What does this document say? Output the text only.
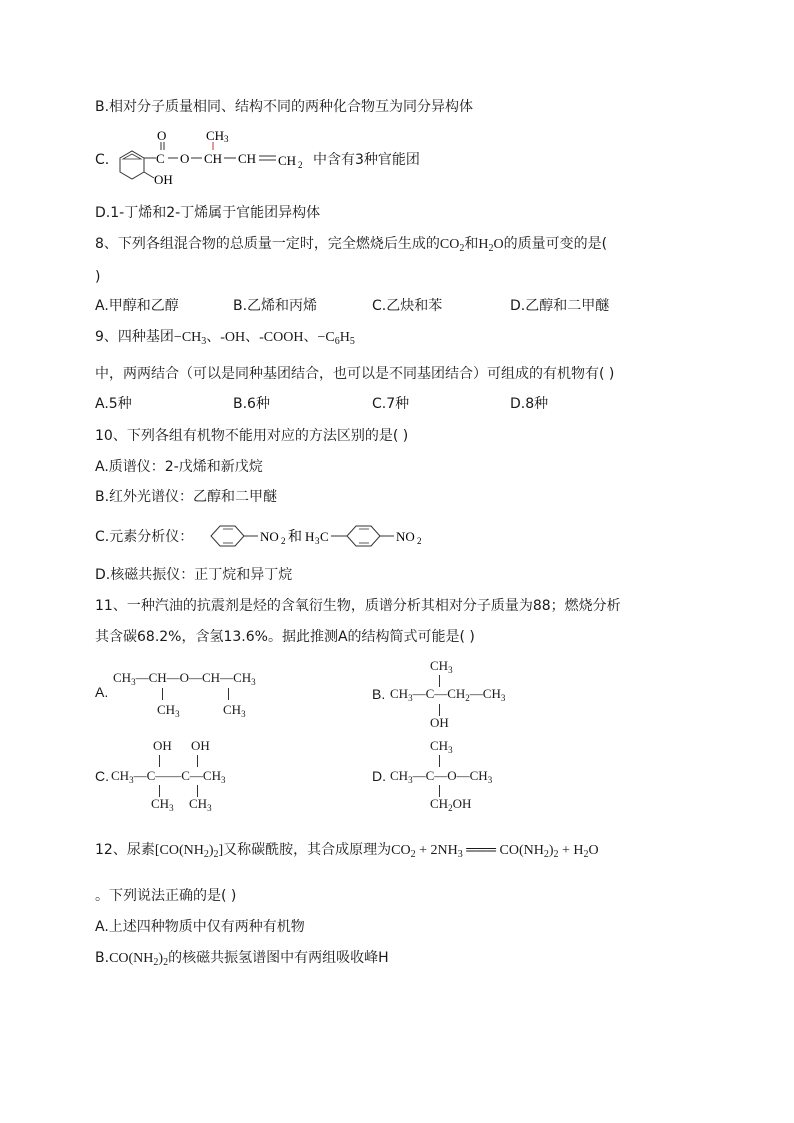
B.相对分子质量相同、结构不同的两种化合物互为同分异构体
C.	C
O
OH
O CH
CH 3
CH CH 2 中含有3种官能团
D.1-丁烯和2-丁烯属于官能团异构体
8、下列各组混合物的总质量一定时，完全燃烧后生成的$CO_2$和$H_2O$的质量可变的是(
)
A.甲醇和乙醇	B.乙烯和丙烯	C.乙炔和苯	D.乙醇和二甲醚
9、四种基团$-CH_3$、-OH、-COOH、$-C_6H_5$
中，两两结合（可以是同种基团结合，也可以是不同基团结合）可组成的有机物有( )
A.5种	B.6种	C.7种	D.8种
10、下列各组有机物不能用对应的方法区别的是( )
A.质谱仪：2-戊烯和新戊烷
B.红外光谱仪：乙醇和二甲醚
C.元素分析仪：	NO 2 和 H 3 C	NO 2
D.核磁共振仪：正丁烷和异丁烷
11、一种汽油的抗震剂是烃的含氧衍生物，质谱分析其相对分子质量为88；燃烧分析
其含碳68.2%，含氢13.6%。据此推测A的结构简式可能是( )
A.
$CH_3—CH—O—CH—CH_3$
$CH_3$	$CH_3$
B.
$CH_3$
$CH_3—C—CH_2—CH_3$
OH
C.
OH OH
$CH_3—C——C—CH_3$
$CH_3$ $CH_3$
D.
$CH_3$
$CH_3—C—O—CH_3$
$CH_2OH$
12、尿素$[CO(NH_2)_2]$又称碳酰胺，其合成原理为$CO_2 + 2NH_3$ ═══ $CO(NH_2)_2 + H_2O$
。下列说法正确的是( )
A.上述四种物质中仅有两种有机物
$B.CO(NH_2)_2$的核磁共振氢谱图中有两组吸收峰H
